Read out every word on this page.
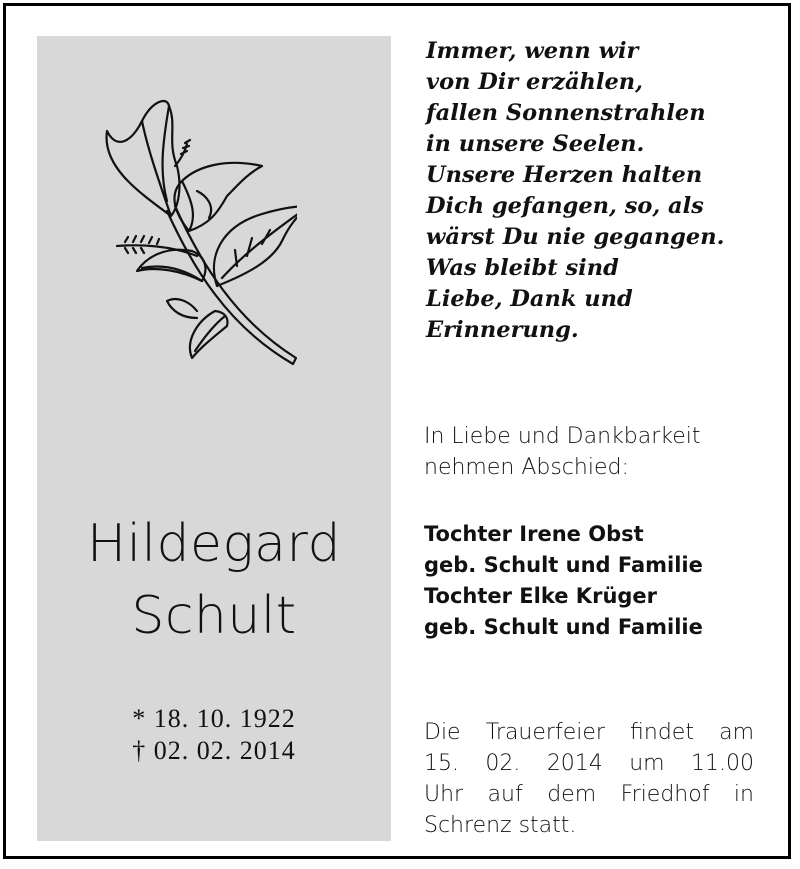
Hildegard
Schult
* 18. 10. 1922
† 02. 02. 2014
Immer, wenn wir
von Dir erzählen,
fallen Sonnenstrahlen
in unsere Seelen.
Unsere Herzen halten
Dich gefangen, so, als
wärst Du nie gegangen.
Was bleibt sind
Liebe, Dank und
Erinnerung.
In Liebe und Dankbarkeit
nehmen Abschied:
Tochter Irene Obst
geb. Schult und Familie
Tochter Elke Krüger
geb. Schult und Familie
Die Trauerfeier findet am
15. 02. 2014 um 11.00
Uhr auf dem Friedhof in
Schrenz statt.
